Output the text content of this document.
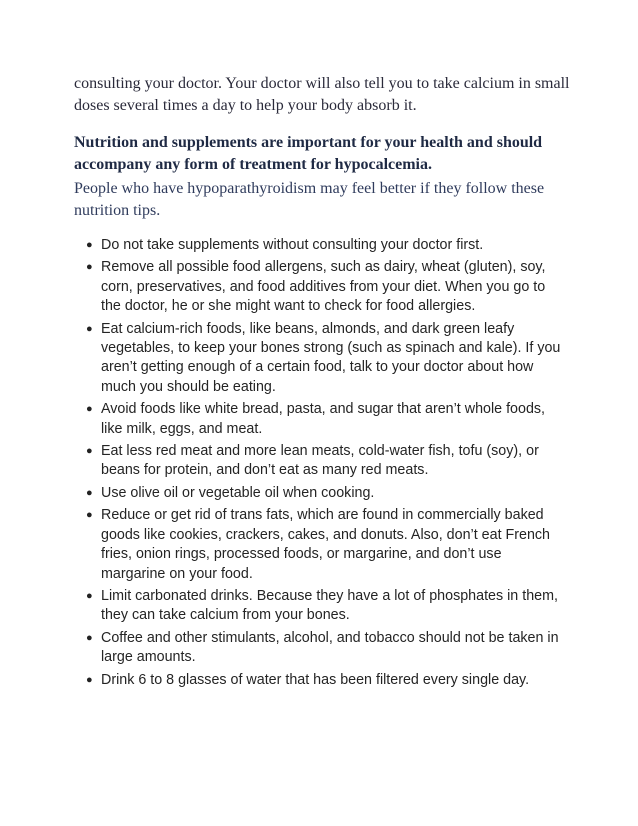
consulting your doctor. Your doctor will also tell you to take calcium in small doses several times a day to help your body absorb it.

Nutrition and supplements are important for your health and should accompany any form of treatment for hypocalcemia.

People who have hypoparathyroidism may feel better if they follow these nutrition tips.

● Do not take supplements without consulting your doctor first.
● Remove all possible food allergens, such as dairy, wheat (gluten), soy, corn, preservatives, and food additives from your diet. When you go to the doctor, he or she might want to check for food allergies.
● Eat calcium-rich foods, like beans, almonds, and dark green leafy vegetables, to keep your bones strong (such as spinach and kale). If you aren’t getting enough of a certain food, talk to your doctor about how much you should be eating.
● Avoid foods like white bread, pasta, and sugar that aren’t whole foods, like milk, eggs, and meat.
● Eat less red meat and more lean meats, cold-water fish, tofu (soy), or beans for protein, and don’t eat as many red meats.
● Use olive oil or vegetable oil when cooking.
● Reduce or get rid of trans fats, which are found in commercially baked goods like cookies, crackers, cakes, and donuts. Also, don’t eat French fries, onion rings, processed foods, or margarine, and don’t use margarine on your food.
● Limit carbonated drinks. Because they have a lot of phosphates in them, they can take calcium from your bones.
● Coffee and other stimulants, alcohol, and tobacco should not be taken in large amounts.
● Drink 6 to 8 glasses of water that has been filtered every single day.
